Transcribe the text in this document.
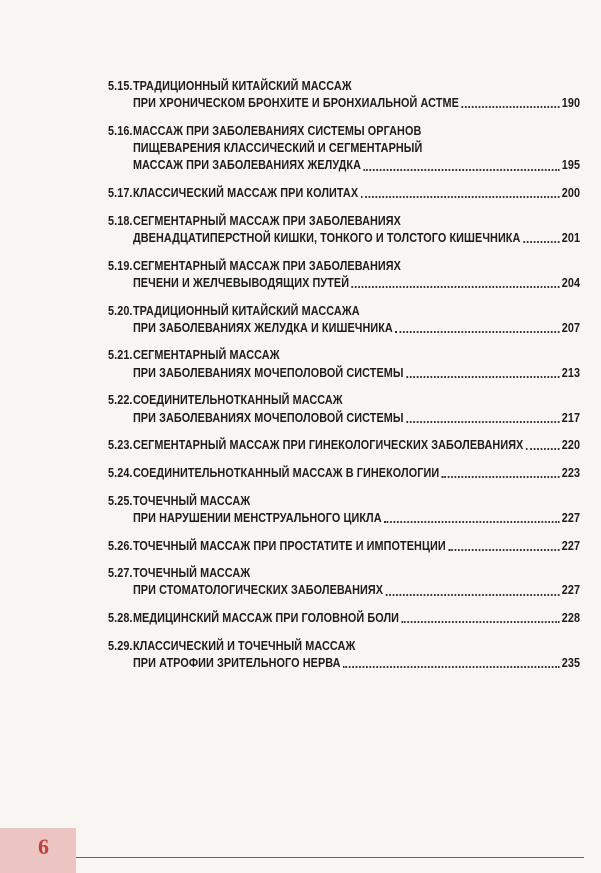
5.15. ТРАДИЦИОННЫЙ КИТАЙСКИЙ МАССАЖ
ПРИ ХРОНИЧЕСКОМ БРОНХИТЕ И БРОНХИАЛЬНОЙ АСТМЕ	190
5.16. МАССАЖ ПРИ ЗАБОЛЕВАНИЯХ СИСТЕМЫ ОРГАНОВ
ПИЩЕВАРЕНИЯ КЛАССИЧЕСКИЙ И СЕГМЕНТАРНЫЙ
МАССАЖ ПРИ ЗАБОЛЕВАНИЯХ ЖЕЛУДКА	195
5.17. КЛАССИЧЕСКИЙ МАССАЖ ПРИ КОЛИТАХ	200
5.18. СЕГМЕНТАРНЫЙ МАССАЖ ПРИ ЗАБОЛЕВАНИЯХ
ДВЕНАДЦАТИПЕРСТНОЙ КИШКИ, ТОНКОГО И ТОЛСТОГО КИШЕЧНИКА	201
5.19. СЕГМЕНТАРНЫЙ МАССАЖ ПРИ ЗАБОЛЕВАНИЯХ
ПЕЧЕНИ И ЖЕЛЧЕВЫВОДЯЩИХ ПУТЕЙ	204
5.20. ТРАДИЦИОННЫЙ КИТАЙСКИЙ МАССАЖА
ПРИ ЗАБОЛЕВАНИЯХ ЖЕЛУДКА И КИШЕЧНИКА	207
5.21. СЕГМЕНТАРНЫЙ МАССАЖ
ПРИ ЗАБОЛЕВАНИЯХ МОЧЕПОЛОВОЙ СИСТЕМЫ	213
5.22. СОЕДИНИТЕЛЬНОТКАННЫЙ МАССАЖ
ПРИ ЗАБОЛЕВАНИЯХ МОЧЕПОЛОВОЙ СИСТЕМЫ	217
5.23. СЕГМЕНТАРНЫЙ МАССАЖ ПРИ ГИНЕКОЛОГИЧЕСКИХ ЗАБОЛЕВАНИЯХ	220
5.24. СОЕДИНИТЕЛЬНОТКАННЫЙ МАССАЖ В ГИНЕКОЛОГИИ	223
5.25. ТОЧЕЧНЫЙ МАССАЖ
ПРИ НАРУШЕНИИ МЕНСТРУАЛЬНОГО ЦИКЛА	227
5.26. ТОЧЕЧНЫЙ МАССАЖ ПРИ ПРОСТАТИТЕ И ИМПОТЕНЦИИ	227
5.27. ТОЧЕЧНЫЙ МАССАЖ
ПРИ СТОМАТОЛОГИЧЕСКИХ ЗАБОЛЕВАНИЯХ	227
5.28. МЕДИЦИНСКИЙ МАССАЖ ПРИ ГОЛОВНОЙ БОЛИ	228
5.29. КЛАССИЧЕСКИЙ И ТОЧЕЧНЫЙ МАССАЖ
ПРИ АТРОФИИ ЗРИТЕЛЬНОГО НЕРВА	235
6
